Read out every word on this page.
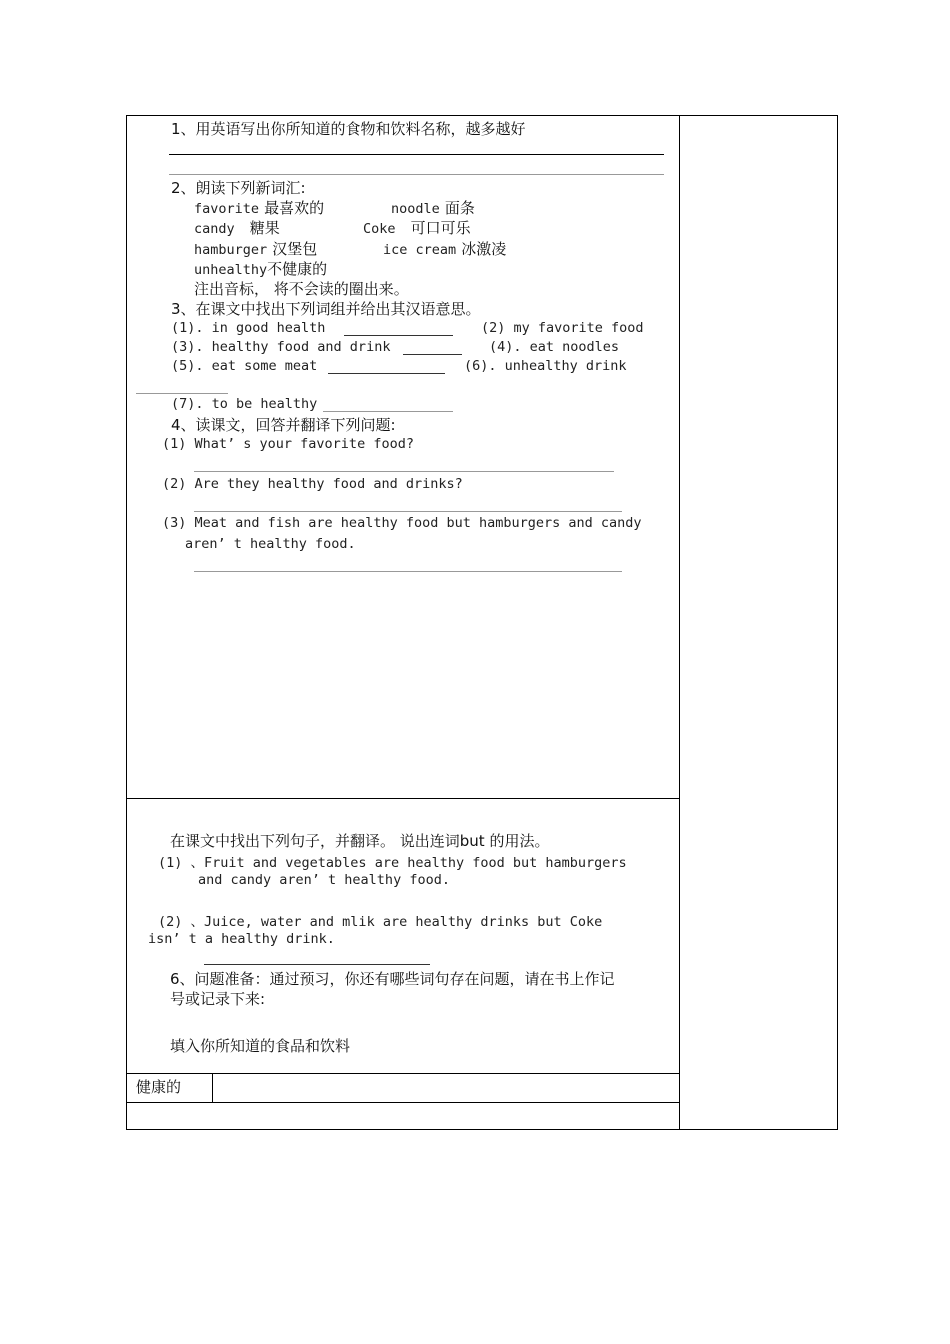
1、用英语写出你所知道的食物和饮料名称，越多越好
2、朗读下列新词汇:
favorite 最喜欢的	noodle 面条
candy 糖果	Coke 可口可乐
hamburger 汉堡包	ice cream 冰激凌
unhealthy不健康的
注出音标， 将不会读的圈出来。
3、在课文中找出下列词组并给出其汉语意思。
(1). in good health	(2) my favorite food
(3). healthy food and drink	(4). eat noodles
(5). eat some meat	(6). unhealthy drink
(7). to be healthy
4、读课文，回答并翻译下列问题:
(1) What’ s your favorite food?
(2) Are they healthy food and drinks?
(3) Meat and fish are healthy food but hamburgers and candy
aren’ t healthy food.
在课文中找出下列句子，并翻译。 说出连词but 的用法。
(1) 、Fruit and vegetables are healthy food but hamburgers
and candy aren’ t healthy food.
(2) 、Juice, water and mlik are healthy drinks but Coke
isn’ t a healthy drink.
6、问题准备：通过预习，你还有哪些词句存在问题，请在书上作记
号或记录下来:
填入你所知道的食品和饮料
健康的
